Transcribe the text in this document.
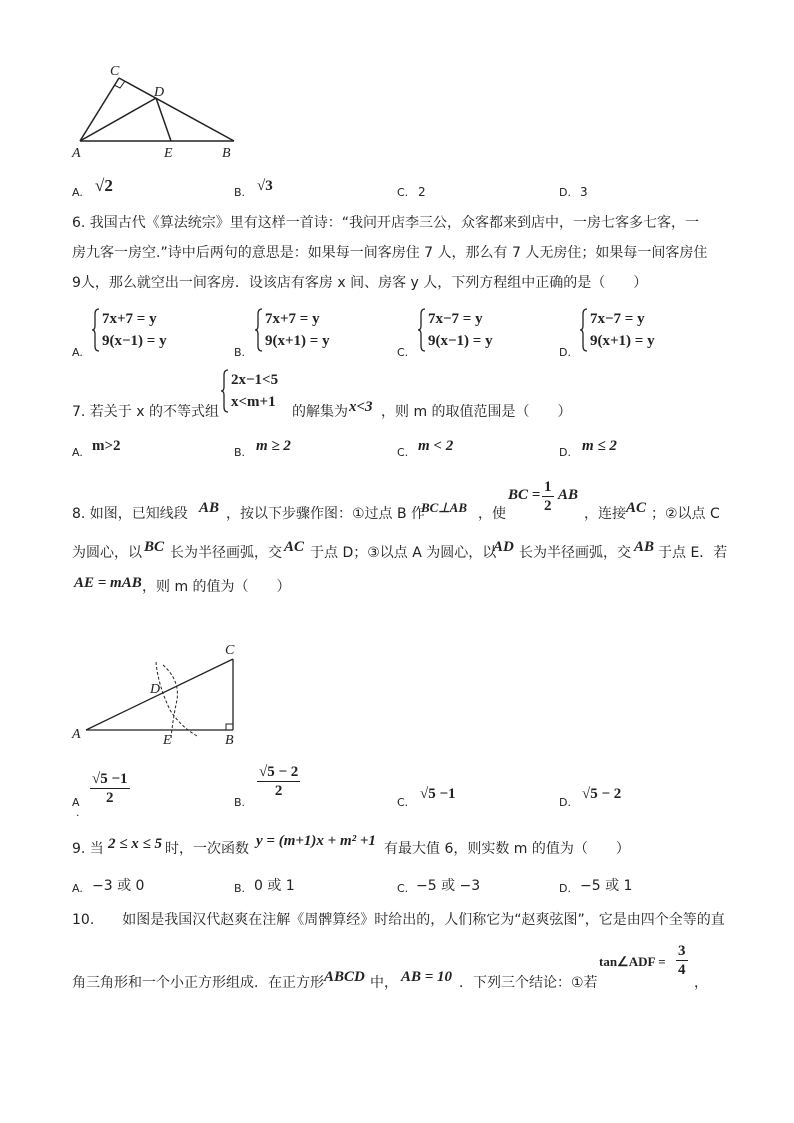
C
D
A	E	B
A. √2	B. √3	C. 2	D. 3
6. 我国古代《算法统宗》里有这样一首诗：“我问开店李三公，众客都来到店中，一房七客多七客，一
房九客一房空.”诗中后两句的意思是：如果每一间客房住 7 人，那么有 7 人无房住；如果每一间客房住
9人，那么就空出一间客房．设该店有客房 x 间、房客 y 人，下列方程组中正确的是（　　）
A.
7x+7 = y
9(x−1) = y
B.
7x+7 = y
9(x+1) = y
C.
7x−7 = y
9(x−1) = y
D.
7x−7 = y
9(x+1) = y
7. 若关于 x 的不等式组
2x−1<5
x<m+1
的解集为 x<3 ，则 m 的取值范围是（　　）
A. m>2	B. m ≥ 2	C. m < 2	D. m ≤ 2
8. 如图，已知线段 AB ，按以下步骤作图：①过点 B 作
BC⊥AB ，使
BC = $\frac{1}{2}$ AB
，连接 AC ；②以点 C
为圆心，以 BC 长为半径画弧，交 AC 于点 D；③以点 A 为圆心，以
AD 长为半径画弧，交 AB 于点 E．若
AE = mAB ，则 m 的值为（　　）
C
D
A	E	B
A
.
$\frac{√5 -1}{2}$	B.
$\frac{√5 - 2}{2}$
C.
√5 −1
D.
√5 − 2
9. 当 2 ≤ x ≤ 5 时，一次函数 y = (m+1)x + m² +1 有最大值 6，则实数 m 的值为（　　）
A. −3 或 0	B. 0 或 1	C. −5 或 −3	D. −5 或 1
10.　　如图是我国汉代赵爽在注解《周髀算经》时给出的，人们称它为“赵爽弦图”，它是由四个全等的直
角三角形和一个小正方形组成．在正方形 ABCD 中， AB = 10 ．下列三个结论：①若
tan∠ADF = $\frac{3}{4}$
，
